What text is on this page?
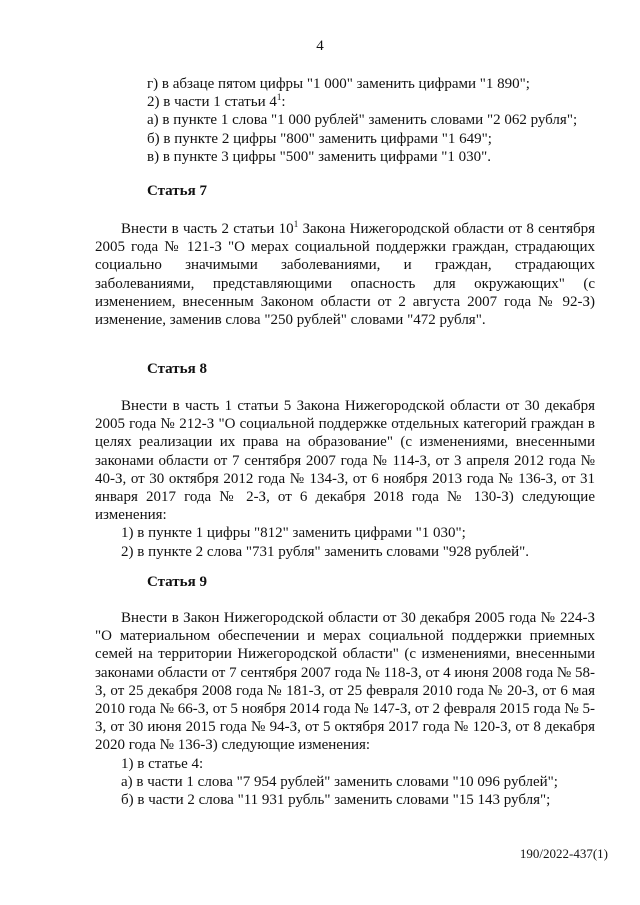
4
г) в абзаце пятом цифры "1 000" заменить цифрами "1 890";
2) в части 1 статьи $4^1$:
а) в пункте 1 слова "1 000 рублей" заменить словами "2 062 рубля";
б) в пункте 2 цифры "800" заменить цифрами "1 649";
в) в пункте 3 цифры "500" заменить цифрами "1 030".

Статья 7

Внести в часть 2 статьи $10^1$ Закона Нижегородской области от 8 сентября 2005 года № 121-З "О мерах социальной поддержки граждан, страдающих социально значимыми заболеваниями, и граждан, страдающих заболеваниями, представляющими опасность для окружающих" (с изменением, внесенным Законом области от 2 августа 2007 года № 92-З) изменение, заменив слова "250 рублей" словами "472 рубля".

Статья 8

Внести в часть 1 статьи 5 Закона Нижегородской области от 30 декабря 2005 года № 212-З "О социальной поддержке отдельных категорий граждан в целях реализации их права на образование" (с изменениями, внесенными законами области от 7 сентября 2007 года № 114-З, от 3 апреля 2012 года № 40-З, от 30 октября 2012 года № 134-З, от 6 ноября 2013 года № 136-З, от 31 января 2017 года № 2-З, от 6 декабря 2018 года № 130-З) следующие изменения:

1) в пункте 1 цифры "812" заменить цифрами "1 030";
2) в пункте 2 слова "731 рубля" заменить словами "928 рублей".

Статья 9

Внести в Закон Нижегородской области от 30 декабря 2005 года № 224-З "О материальном обеспечении и мерах социальной поддержки приемных семей на территории Нижегородской области" (с изменениями, внесенными законами области от 7 сентября 2007 года № 118-З, от 4 июня 2008 года № 58-З, от 25 декабря 2008 года № 181-З, от 25 февраля 2010 года № 20-З, от 6 мая 2010 года № 66-З, от 5 ноября 2014 года № 147-З, от 2 февраля 2015 года № 5-З, от 30 июня 2015 года № 94-З, от 5 октября 2017 года № 120-З, от 8 декабря 2020 года № 136-З) следующие изменения:

1) в статье 4:
а) в части 1 слова "7 954 рублей" заменить словами "10 096 рублей";
б) в части 2 слова "11 931 рубль" заменить словами "15 143 рубля";
190/2022-437(1)
